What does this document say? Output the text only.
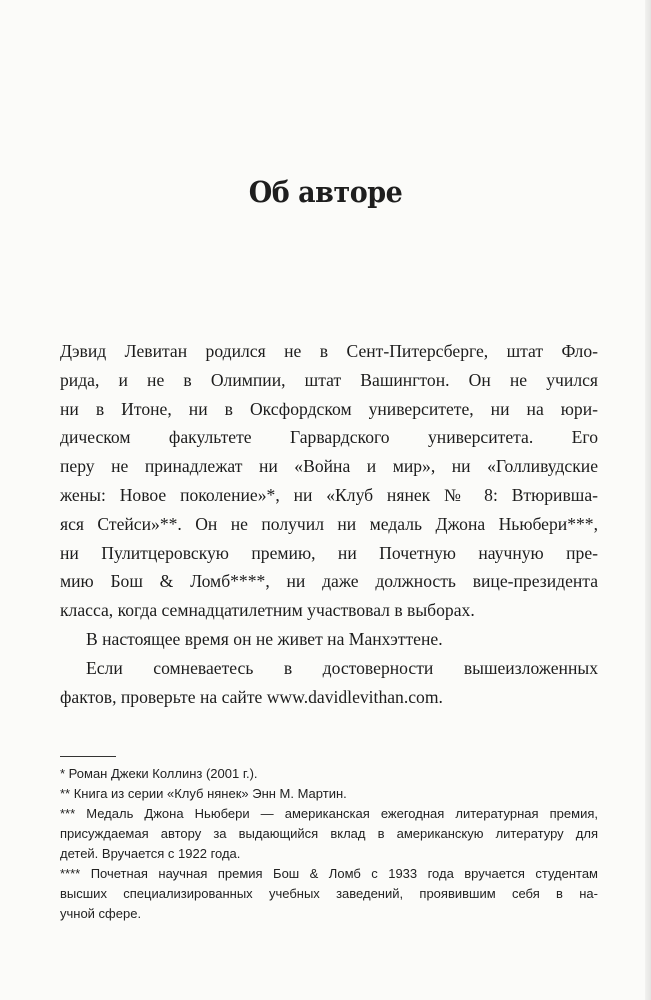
Об авторе

Дэвид Левитан родился не в Сент-Питерсберге, штат Фло-
рида, и не в Олимпии, штат Вашингтон. Он не учился
ни в Итоне, ни в Оксфордском университете, ни на юри-
дическом факультете Гарвардского университета. Его
перу не принадлежат ни «Война и мир», ни «Голливудские
жены: Новое поколение»*, ни «Клуб нянек № 8: Втюривша-
яся Стейси»**. Он не получил ни медаль Джона Ньюбери***,
ни Пулитцеровскую премию, ни Почетную научную пре-
мию Бош & Ломб****, ни даже должность вице-президента
класса, когда семнадцатилетним участвовал в выборах.

В настоящее время он не живет на Манхэттене.

Если сомневаетесь в достоверности вышеизложенных
фактов, проверьте на сайте www.davidlevithan.com.

* Роман Джеки Коллинз (2001 г.).

** Книга из серии «Клуб нянек» Энн М. Мартин.

*** Медаль Джона Ньюбери — американская ежегодная литературная премия,
присуждаемая автору за выдающийся вклад в американскую литературу для
детей. Вручается с 1922 года.

**** Почетная научная премия Бош & Ломб с 1933 года вручается студентам
высших специализированных учебных заведений, проявившим себя в на-
учной сфере.
